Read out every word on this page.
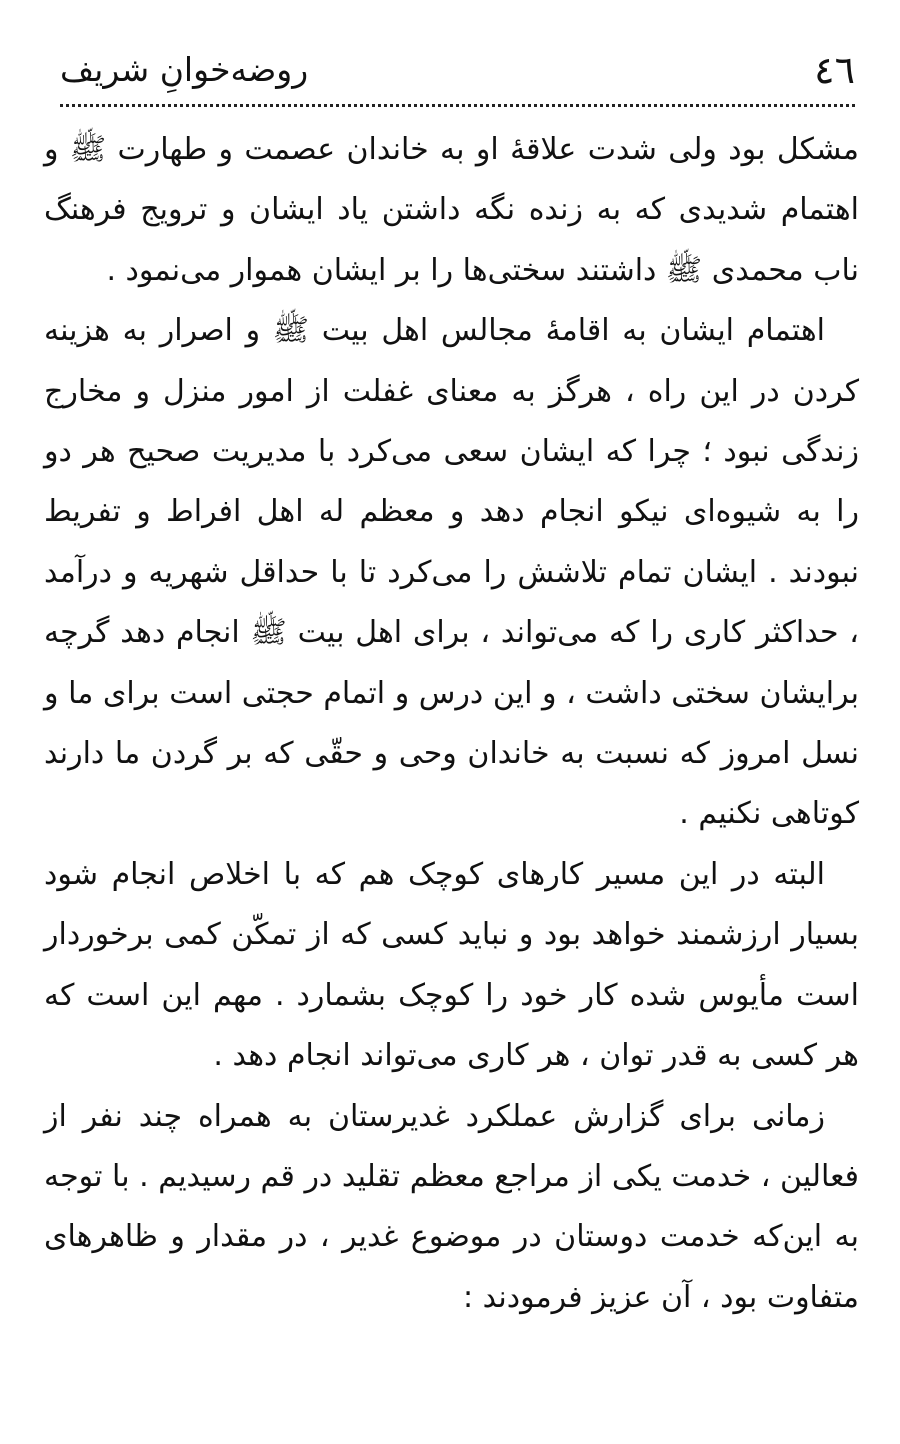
٤٦
روضه‌خوانِ شریف

مشکل بود ولی شدت علاقهٔ او به خاندان عصمت و طهارت ﷺ و اهتمام شدیدی که به زنده نگه داشتن یاد ایشان و ترویج فرهنگ ناب محمدی ﷺ داشتند سختی‌ها را بر ایشان هموار می‌نمود .

اهتمام ایشان به اقامهٔ مجالس اهل بیت ﷺ و اصرار به هزینه کردن در این راه ، هرگز به معنای غفلت از امور منزل و مخارج زندگی نبود ؛ چرا که ایشان سعی می‌کرد با مدیریت صحیح هر دو را به شیوه‌ای نیکو انجام دهد و معظم له اهل افراط و تفریط نبودند . ایشان تمام تلاشش را می‌کرد تا با حداقل شهریه و درآمد ، حداکثر کاری را که می‌تواند ، برای اهل بیت ﷺ انجام دهد گرچه برایشان سختی داشت ، و این درس و اتمام حجتی است برای ما و نسل امروز که نسبت به خاندان وحی و حقّی که بر گردن ما دارند کوتاهی نکنیم .

البته در این مسیر کارهای کوچک هم که با اخلاص انجام شود بسیار ارزشمند خواهد بود و نباید کسی که از تمکّن کمی برخوردار است مأیوس شده کار خود را کوچک بشمارد . مهم این است که هر کسی به قدر توان ، هر کاری می‌تواند انجام دهد .

زمانی برای گزارش عملکرد غدیرستان به همراه چند نفر از فعالین ، خدمت یکی از مراجع معظم تقلید در قم رسیدیم . با توجه به این‌که خدمت دوستان در موضوع غدیر ، در مقدار و ظاهرهای متفاوت بود ، آن عزیز فرمودند :
